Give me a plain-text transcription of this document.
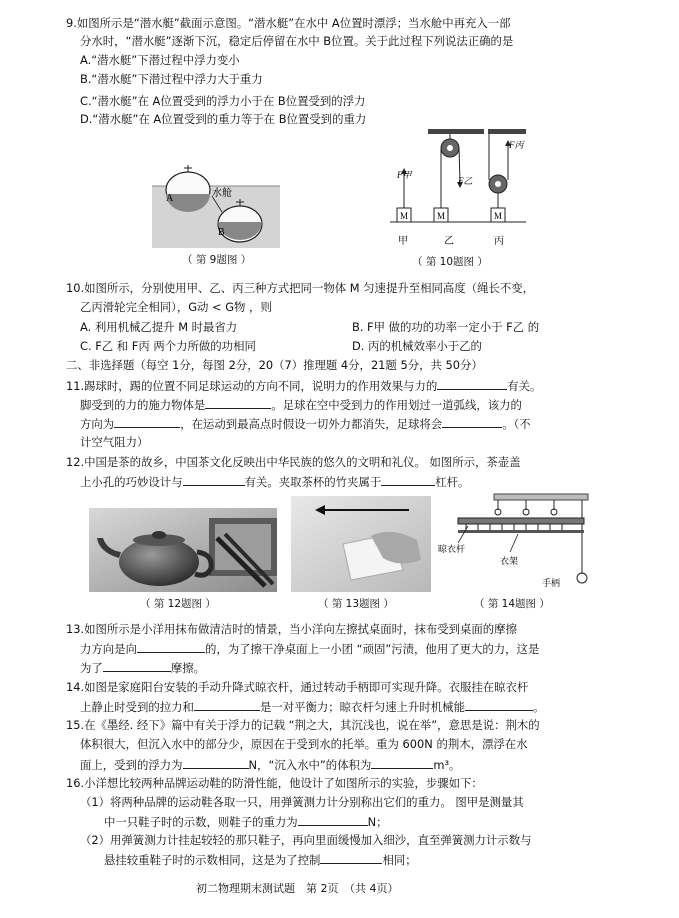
9.如图所示是“潜水艇”截面示意图。“潜水艇”在水中 A位置时漂浮；当水舱中再充入一部
分水时，“潜水艇”逐渐下沉，稳定后停留在水中 B位置。关于此过程下列说法正确的是
A.“潜水艇”下潜过程中浮力变小
B.“潜水艇”下潜过程中浮力大于重力
C.“潜水艇”在 A位置受到的浮力小于在 B位置受到的浮力
D.“潜水艇”在 A位置受到的重力等于在 B位置受到的重力
A	水舱
B
（ 第 9题图 ）
F甲
M
F乙
M
F丙
M
甲	乙	丙
（ 第 10题图 ）
10.如图所示，分别使用甲、乙、丙三种方式把同一物体 M 匀速提升至相同高度（绳长不变，
乙丙滑轮完全相同），G动 < G物 ，则
A. 利用机械乙提升 M 时最省力	B. F甲 做的功的功率一定小于 F乙 的
C. F乙 和 F丙 两个力所做的功相同	D. 丙的机械效率小于乙的
二、非选择题（每空 1分，每图 2分，20（7）推理题 4分，21题 5分，共 50分）
11.踢球时，踢的位置不同足球运动的方向不同，说明力的作用效果与力的	有关。
脚受到的力的施力物体是	。足球在空中受到力的作用划过一道弧线，该力的
方向为	，在运动到最高点时假设一切外力都消失，足球将会	。（不
计空气阻力）
12.中国是茶的故乡，中国茶文化反映出中华民族的悠久的文明和礼仪。 如图所示，茶壶盖
上小孔的巧妙设计与	有关。夹取茶杯的竹夹属于	杠杆。
（ 第 12题图 ）	（ 第 13题图 ）
晾衣杆
衣架
手柄
（ 第 14题图 ）
13.如图所示是小洋用抹布做清洁时的情景，当小洋向左擦拭桌面时，抹布受到桌面的摩擦
力方向是向	的，为了擦干净桌面上一小团 “顽固”污渍，他用了更大的力，这是
为了	摩擦。
14.如图是家庭阳台安装的手动升降式晾衣杆，通过转动手柄即可实现升降。衣服挂在晾衣杆
上静止时受到的拉力和	是一对平衡力；晾衣杆匀速上升时机械能	。
15.在《墨经. 经下》篇中有关于浮力的记载 “荆之大，其沉浅也，说在举”，意思是说：荆木的
体积很大，但沉入水中的部分少，原因在于受到水的托举。重为 600N 的荆木，漂浮在水
面上，受到的浮力为	N，“沉入水中”的体积为	m³。
16.小洋想比较两种品牌运动鞋的防滑性能，他设计了如图所示的实验，步骤如下：
（1）将两种品牌的运动鞋各取一只，用弹簧测力计分别称出它们的重力。 图甲是测量其
中一只鞋子时的示数，则鞋子的重力为	N；
（2）用弹簧测力计挂起较轻的那只鞋子，再向里面缓慢加入细沙，直至弹簧测力计示数与
悬挂较重鞋子时的示数相同，这是为了控制	相同；
初二物理期末测试题　第 2页　（共 4页）
